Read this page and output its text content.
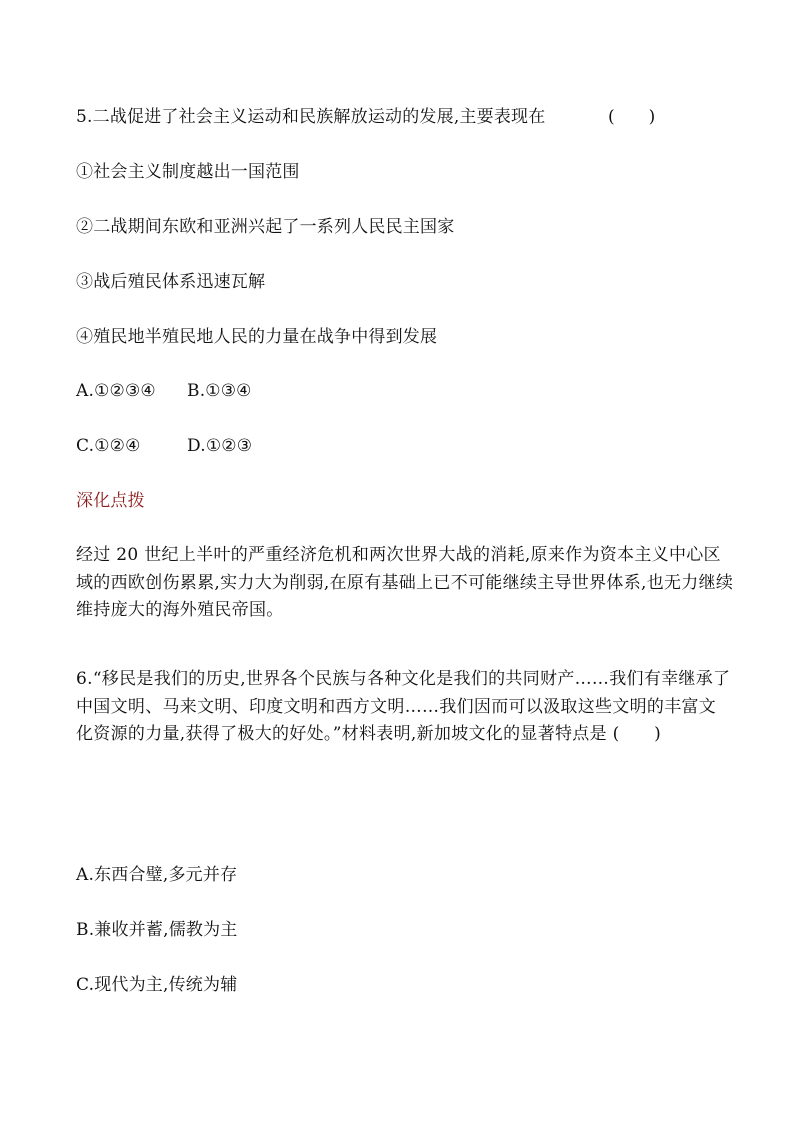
5.二战促进了社会主义运动和民族解放运动的发展,主要表现在	(　　)
①社会主义制度越出一国范围
②二战期间东欧和亚洲兴起了一系列人民民主国家
③战后殖民体系迅速瓦解
④殖民地半殖民地人民的力量在战争中得到发展
A.①②③④ B.①③④
C.①②④	D.①②③
深化点拨
经过 20 世纪上半叶的严重经济危机和两次世界大战的消耗,原来作为资本主义中心区域的西欧创伤累累,实力大为削弱,在原有基础上已不可能继续主导世界体系,也无力继续维持庞大的海外殖民帝国。
6.“移民是我们的历史,世界各个民族与各种文化是我们的共同财产……我们有幸继承了中国文明、马来文明、印度文明和西方文明……我们因而可以汲取这些文明的丰富文化资源的力量,获得了极大的好处。”材料表明,新加坡文化的显著特点是 (　　)
A.东西合璧,多元并存
B.兼收并蓄,儒教为主
C.现代为主,传统为辅
